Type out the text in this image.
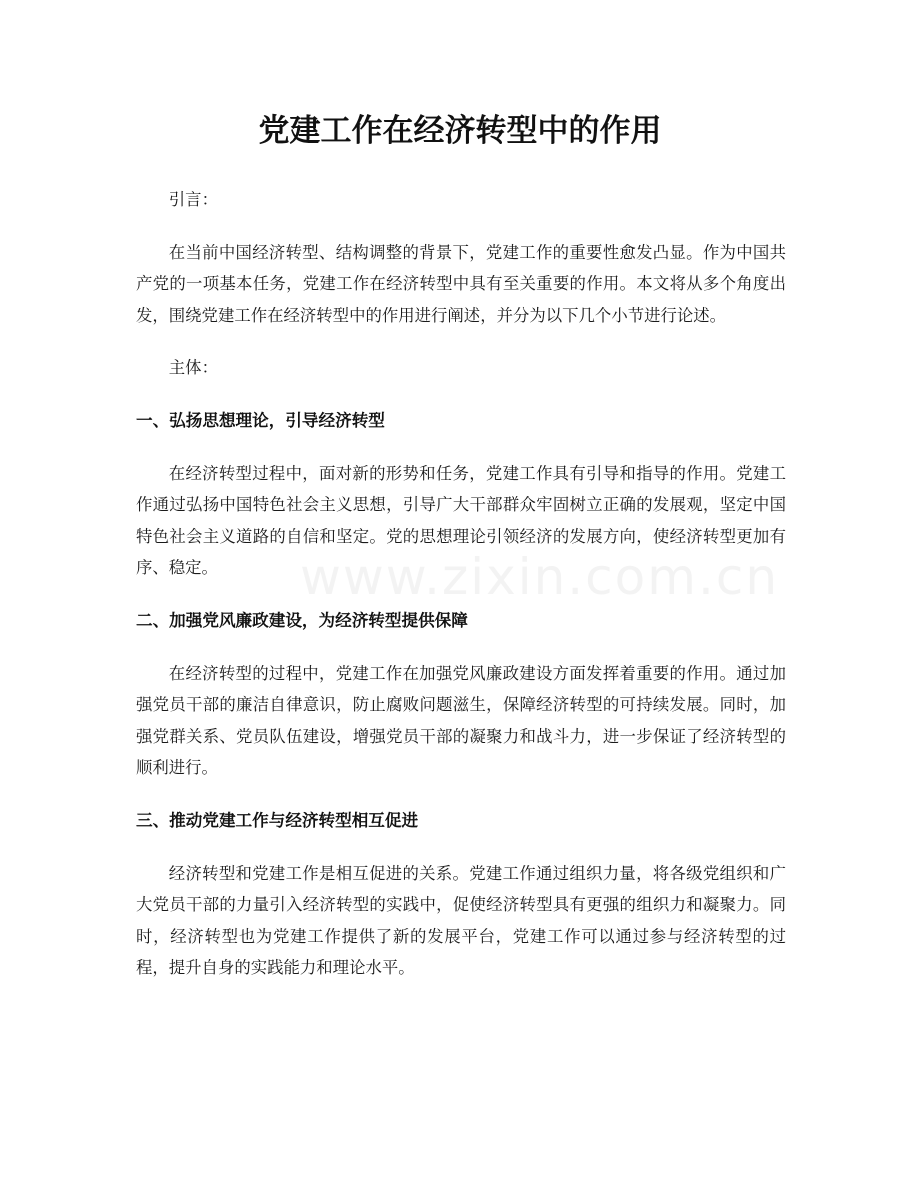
党建工作在经济转型中的作用

引言：

在当前中国经济转型、结构调整的背景下，党建工作的重要性愈发凸显。作为中国共产党的一项基本任务，党建工作在经济转型中具有至关重要的作用。本文将从多个角度出发，围绕党建工作在经济转型中的作用进行阐述，并分为以下几个小节进行论述。

主体：

一、弘扬思想理论，引导经济转型

在经济转型过程中，面对新的形势和任务，党建工作具有引导和指导的作用。党建工作通过弘扬中国特色社会主义思想，引导广大干部群众牢固树立正确的发展观，坚定中国特色社会主义道路的自信和坚定。党的思想理论引领经济的发展方向，使经济转型更加有序、稳定。

二、加强党风廉政建设，为经济转型提供保障

在经济转型的过程中，党建工作在加强党风廉政建设方面发挥着重要的作用。通过加强党员干部的廉洁自律意识，防止腐败问题滋生，保障经济转型的可持续发展。同时，加强党群关系、党员队伍建设，增强党员干部的凝聚力和战斗力，进一步保证了经济转型的顺利进行。

三、推动党建工作与经济转型相互促进

经济转型和党建工作是相互促进的关系。党建工作通过组织力量，将各级党组织和广大党员干部的力量引入经济转型的实践中，促使经济转型具有更强的组织力和凝聚力。同时，经济转型也为党建工作提供了新的发展平台，党建工作可以通过参与经济转型的过程，提升自身的实践能力和理论水平。

www.zixin.com.cn
